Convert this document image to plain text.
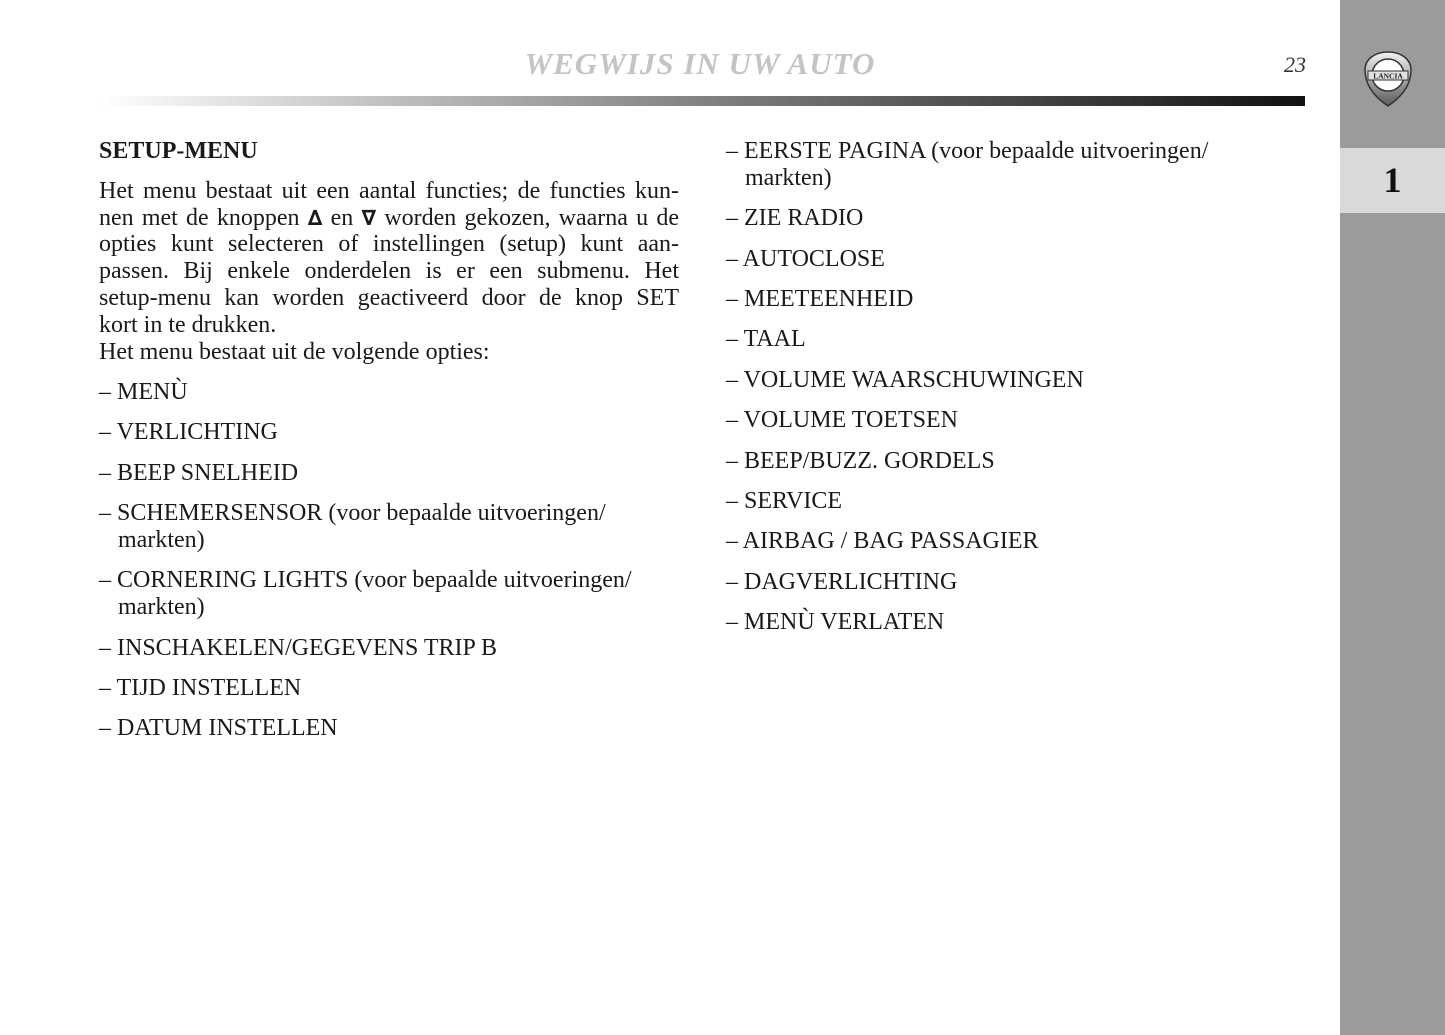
WEGWIJS IN UW AUTO	23	LANCIA
1
SETUP-MENU

Het menu bestaat uit een aantal functies; de functies kun-
nen met de knoppen ∆ en ∇ worden gekozen, waarna u de
opties kunt selecteren of instellingen (setup) kunt aan-
passen. Bij enkele onderdelen is er een submenu. Het
setup-menu kan worden geactiveerd door de knop SET
kort in te drukken.

Het menu bestaat uit de volgende opties:

– MENÙ
– VERLICHTING
– BEEP SNELHEID
– SCHEMERSENSOR (voor bepaalde uitvoeringen/ markten)
– CORNERING LIGHTS (voor bepaalde uitvoeringen/ markten)
– INSCHAKELEN/GEGEVENS TRIP B
– TIJD INSTELLEN
– DATUM INSTELLEN
– EERSTE PAGINA (voor bepaalde uitvoeringen/ markten)
– ZIE RADIO
– AUTOCLOSE
– MEETEENHEID
– TAAL
– VOLUME WAARSCHUWINGEN
– VOLUME TOETSEN
– BEEP/BUZZ. GORDELS
– SERVICE
– AIRBAG / BAG PASSAGIER
– DAGVERLICHTING
– MENÙ VERLATEN
